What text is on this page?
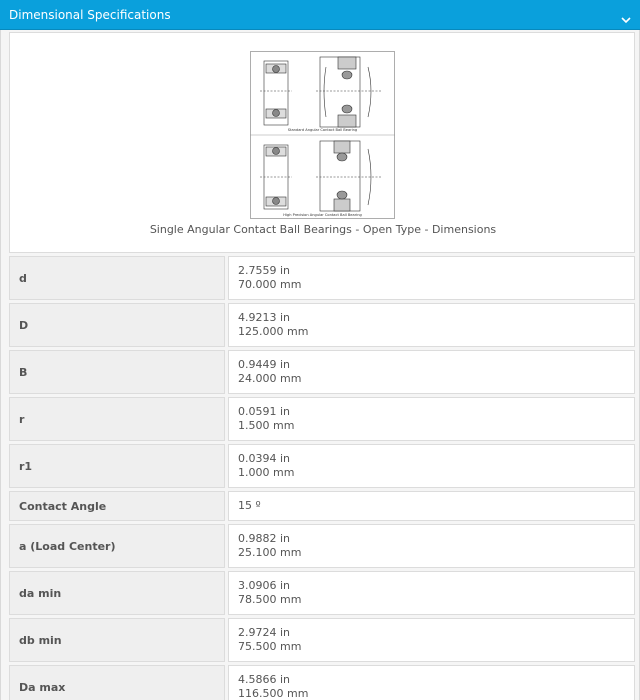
Dimensional Specifications
Standard Angular Contact Ball Bearing
High Precision Angular Contact Ball Bearing
Single Angular Contact Ball Bearings - Open Type - Dimensions
d
2.7559 in
70.000 mm
D
4.9213 in
125.000 mm
B
0.9449 in
24.000 mm
r
0.0591 in
1.500 mm
r1
0.0394 in
1.000 mm
Contact Angle	15 º
a (Load Center)
0.9882 in
25.100 mm
da min
3.0906 in
78.500 mm
db min
2.9724 in
75.500 mm
Da max
4.5866 in
116.500 mm
